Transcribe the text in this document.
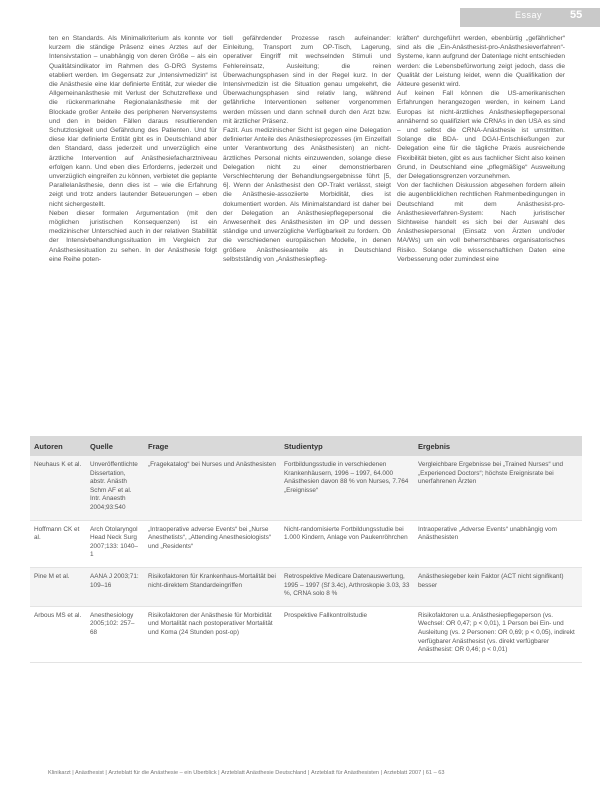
Essay	55

ten en Standards. Als Minimalkriterium als konnte vor kurzem die ständige Präsenz eines Arztes auf der Intensivstation – unabhängig von deren Größe – als ein Qualitätsindikator im Rahmen des G-DRG Systems etabliert werden. Im Gegensatz zur „Intensivmedizin“ ist die Anästhesie eine klar definierte Entität, zur wieder die Allgemeinanästhesie mit Verlust der Schutzreflexe und die rückenmarknahe Regionalanästhesie mit der Blockade großer Anteile des peripheren Nervensystems und den in beiden Fällen daraus resultierenden Schutzlosigkeit und Gefährdung des Patienten. Und für diese klar definierte Entität gibt es in Deutschland aber den Standard, dass jederzeit und unverzüglich eine ärztliche Intervention auf Anästhesiefacharztniveau erfolgen kann. Und eben dies Erforderns, jederzeit und unverzüglich eingreifen zu können, verbietet die geplante Parallelanästhesie, denn dies ist – wie die Erfahrung zeigt und trotz anders lautender Beteuerungen – eben nicht sichergestellt.

Neben dieser formalen Argumentation (mit den möglichen juristischen Konsequenzen) ist ein medizinischer Unterschied auch in der relativen Stabilität der Intensivbehandlungssituation im Vergleich zur Anästhesiesituation zu sehen. In der Anästhesie folgt eine Reihe poten-

tiell gefährdender Prozesse rasch aufeinander: Einleitung, Transport zum OP-Tisch, Lagerung, operativer Eingriff mit wechselnden Stimuli und Fehlereinsatz, Ausleitung; die reinen Überwachungsphasen sind in der Regel kurz. In der Intensivmedizin ist die Situation genau umgekehrt, die Überwachungsphasen sind relativ lang, während gefährliche Interventionen seltener vorgenommen werden müssen und dann schnell durch den Arzt bzw. mit ärztlicher Präsenz.

Fazit. Aus medizinischer Sicht ist gegen eine Delegation definierter Anteile des Anästhesieprozesses (im Einzelfall unter Verantwortung des Anästhesisten) an nicht-ärztliches Personal nichts einzuwenden, solange diese Delegation nicht zu einer demonstrierbaren Verschlechterung der Behandlungsergebnisse führt [5, 6]. Wenn der Anästhesist den OP-Trakt verlässt, steigt die Anästhesie-assoziierte Morbidität, dies ist dokumentiert worden. Als Minimalstandard ist daher bei der Delegation an Anästhesiepflegepersonal die Anwesenheit des Anästhesisten im OP und dessen ständige und unverzügliche Verfügbarkeit zu fordern. Ob die verschiedenen europäischen Modelle, in denen größere Anästhesieanteile als in Deutschland selbstständig von „Anästhesiepfleg-

kräften“ durchgeführt werden, ebenbürtig „gefährlicher“ sind als die „Ein-Anästhesist-pro-Anästhesieverfahren“-Systeme, kann aufgrund der Datenlage nicht entschieden werden: die Lebensbefürwortung zeigt jedoch, dass die Qualität der Leistung leidet, wenn die Qualifikation der Akteure gesenkt wird.

Auf keinen Fall können die US-amerikanischen Erfahrungen herangezogen werden, in keinem Land Europas ist nicht-ärztliches Anästhesiepflegepersonal annähernd so qualifiziert wie CRNAs in den USA es sind – und selbst die CRNA-Anästhesie ist umstritten. Solange die BDA- und DGAI-Entschließungen zur Delegation eine für die tägliche Praxis ausreichende Flexibilität bieten, gibt es aus fachlicher Sicht also keinen Grund, in Deutschland eine „pflegmäßige“ Ausweitung der Delegationsgrenzen vorzunehmen.

Von der fachlichen Diskussion abgesehen fordern allein die augenblicklichen rechtlichen Rahmenbedingungen in Deutschland mit dem Anästhesist-pro-Anästhesieverfahren-System: Nach juristischer Sichtweise handelt es sich bei der Auswahl des Anästhesiepersonal (Einsatz von Ärzten und/oder MA/Ws) um ein voll beherrschbares organisatorisches Risiko. Solange die wissenschaftlichen Daten eine Verbesserung oder zumindest eine

Autoren	Quelle	Frage	Studientyp	Ergebnis
Neuhaus K et al.	Unveröffentlichte Dissertation, abstr. Anästh Schm AF et al. Intr. Anaesth 2004;93:540	„Fragekatalog“ bei Nurses und Anästhesisten	Fortbildungsstudie in verschiedenen Krankenhäusern, 1996 – 1997, 64.000 Anästhesien davon 88 % von Nurses, 7.764 „Ereignisse“	Vergleichbare Ergebnisse bei „Trained Nurses“ und „Experienced Doctors“; höchste Ereignisrate bei unerfahrenen Ärzten
Hoffmann CK et al.	Arch Otolaryngol Head Neck Surg 2007;133: 1040–1	„Intraoperative adverse Events“ bei „Nurse Anesthetists“, „Attending Anesthesiologists“ und „Residents“	Nicht-randomisierte Fortbildungsstudie bei 1.000 Kindern, Anlage von Paukenröhrchen	Intraoperative „Adverse Events“ unabhängig vom Anästhesisten
Pine M et al.	AANA J 2003;71: 109–16	Risikofaktoren für Krankenhaus-Mortalität bei nicht-direktem Standardeingriffen	Retrospektive Medicare Datenauswertung, 1995 – 1997 (Sf 3.4c), Arthroskopie 3.03, 33 %, CRNA solo 8 %	Anästhesiegeber kein Faktor (ACT nicht signifikant) besser
Arbous MS et al.	Anesthesiology 2005;102: 257–68	Risikofaktoren der Anästhesie für Morbidität und Mortalität nach postoperativer Mortalität und Koma (24 Stunden post-op)	Prospektive Fallkontrollstudie	Risikofaktoren u.a. Anästhesiepflegeperson (vs. Wechsel: OR 0,47; p < 0,01), 1 Person bei Ein- und Ausleitung (vs. 2 Personen: OR 0,69; p < 0,05), indirekt verfügbarer Anästhesist (vs. direkt verfügbarer Anästhesist: OR 0,46; p < 0,01)
Klinikarzt | Anästhesist | Ärzteblatt für die Anästhesie – ein Überblick | Ärzteblatt Anästhesie Deutschland | Ärzteblatt für Anästhesisten | Ärzteblatt 2007 | 61 – 63
